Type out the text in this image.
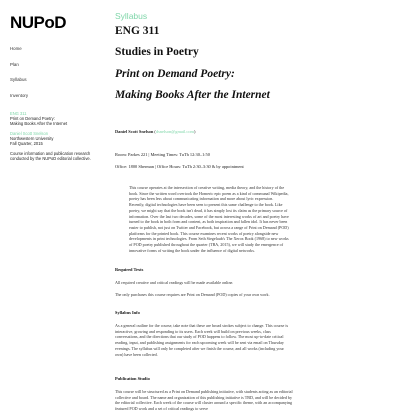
NUPoD
Home
Plan
Syllabus
Inventory
ENG 311
Print on Demand Poetry:
Making Books After the Internet
Daniel Scott Snelson
Northwestern University
Fall Quarter, 2015
Course information and publication research conducted by the NUPoD editorial collective.
Syllabus
ENG 311
Studies in Poetry
Print on Demand Poetry:
Making Books After the Internet
Daniel Scott Snelson (dsnelson@gmail.com)
Room: Parkes 221 | Meeting Times: TuTh 12:30–1:50
Office: 1800 Sherman | Office Hours: TuTh 2:30–3:30 & by appointment
This course operates at the intersection of creative writing, media theory, and the history of the book. Since the written word overtook the Homeric epic poem as a kind of communal Wikipedia, poetry has been less about communicating information and more about lyric expression. Recently, digital technologies have been seen to present this same challenge to the book. Like poetry, we might say that the book isn't dead, it has simply lost its claim as the primary source of information. Over the last two decades, some of the most interesting works of art and poetry have turned to the book in both form and content, as both inspiration and fallen idol. It has never been easier to publish, not just on Twitter and Facebook, but across a range of Print on Demand (POD) platforms for the printed book. This course examines recent works of poetry alongside new developments in print technologies. From Seth Siegelaub's The Xerox Book (1968) to new works of POD poetry published throughout the quarter (TBA, 2015), we will study the emergence of innovative forms of writing the book under the influence of digital networks.
Required Texts
All required creative and critical readings will be made available online.
The only purchases this course requires are Print on Demand (POD) copies of your own work.
Syllabus Info
As a general outline for the course, take note that these are broad strokes subject to change. This course is interactive, growing and responding to its users. Each week will build on previous weeks, class conversations, and the directions that our study of POD happens to follow. The most up-to-date critical reading, input, and publishing assignments for each upcoming week will be sent via email on Thursday evenings. The syllabus will only be completed after we finish the course, and all works (including your own) have been collected.
Publication Studio
This course will be structured as a Print on Demand publishing initiative, with students acting as an editorial collective and board. The name and organization of this publishing initiative is TBD, and will be decided by the editorial collective. Each week of the course will cluster around a specific theme, with an accompanying featured POD work and a set of critical readings to serve
